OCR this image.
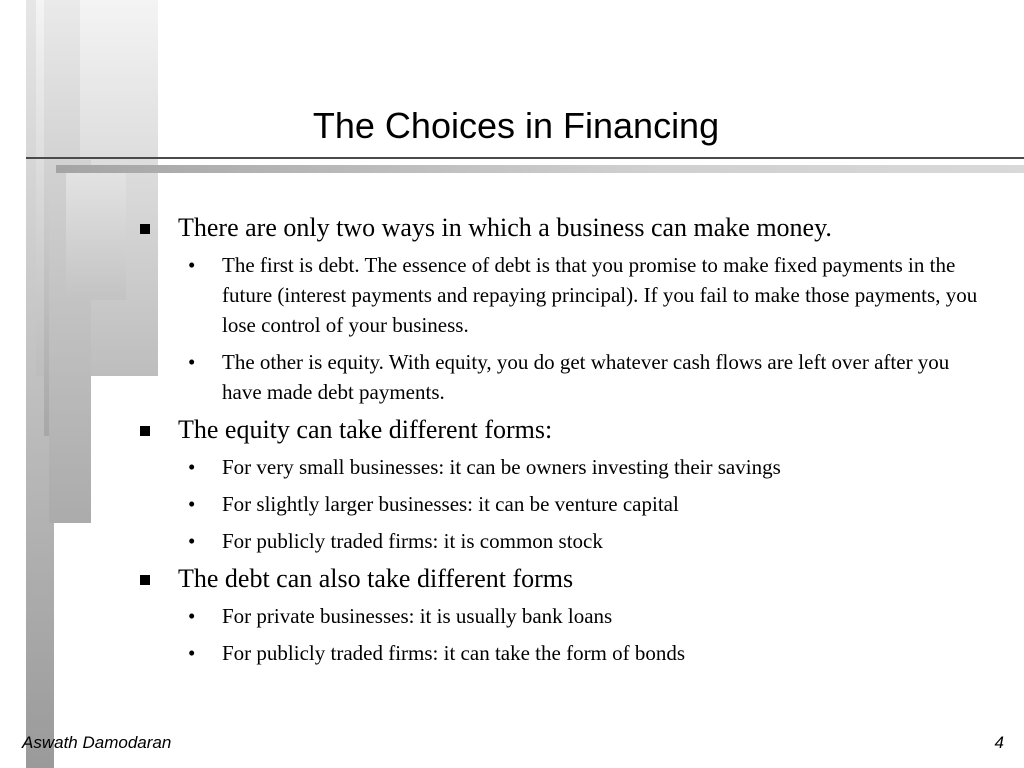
The Choices in Financing
There are only two ways in which a business can make money.
• The first is debt. The essence of debt is that you promise to make fixed payments in the future (interest payments and repaying principal). If you fail to make those payments, you lose control of your business.
• The other is equity. With equity, you do get whatever cash flows are left over after you have made debt payments.
The equity can take different forms:
• For very small businesses: it can be owners investing their savings
• For slightly larger businesses: it can be venture capital
• For publicly traded firms: it is common stock
The debt can also take different forms
• For private businesses: it is usually bank loans
• For publicly traded firms: it can take the form of bonds
Aswath Damodaran	4
